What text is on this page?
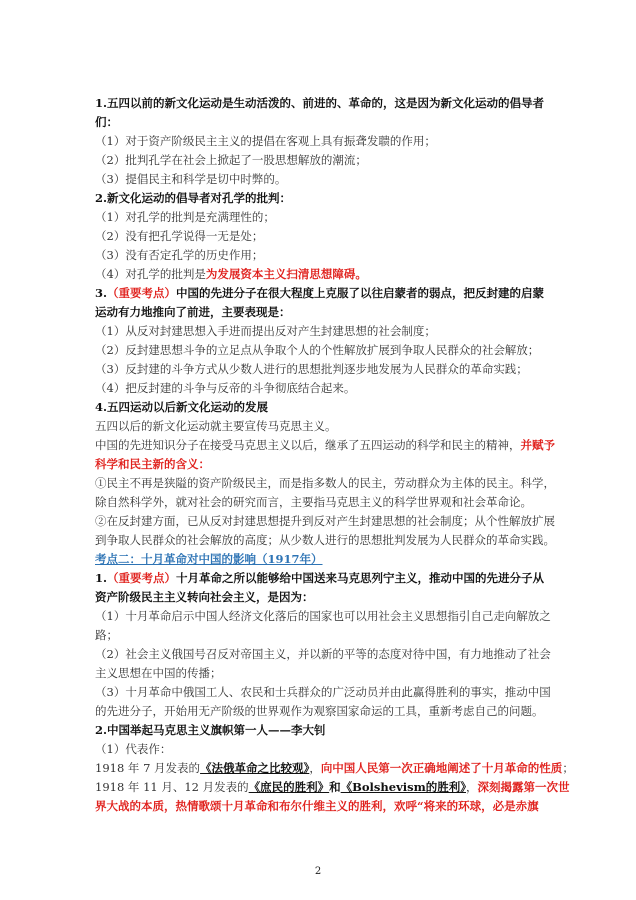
1.五四以前的新文化运动是生动活泼的、前进的、革命的，这是因为新文化运动的倡导者
们：
（1）对于资产阶级民主主义的提倡在客观上具有振聋发聩的作用；
（2）批判孔学在社会上掀起了一股思想解放的潮流；
（3）提倡民主和科学是切中时弊的。
2.新文化运动的倡导者对孔学的批判：
（1）对孔学的批判是充满理性的；
（2）没有把孔学说得一无是处；
（3）没有否定孔学的历史作用；
（4）对孔学的批判是为发展资本主义扫清思想障碍。
3.（重要考点）中国的先进分子在很大程度上克服了以往启蒙者的弱点，把反封建的启蒙
运动有力地推向了前进，主要表现是：
（1）从反对封建思想入手进而提出反对产生封建思想的社会制度；
（2）反封建思想斗争的立足点从争取个人的个性解放扩展到争取人民群众的社会解放；
（3）反封建的斗争方式从少数人进行的思想批判逐步地发展为人民群众的革命实践；
（4）把反封建的斗争与反帝的斗争彻底结合起来。
4.五四运动以后新文化运动的发展
五四以后的新文化运动就主要宣传马克思主义。
中国的先进知识分子在接受马克思主义以后，继承了五四运动的科学和民主的精神，并赋予
科学和民主新的含义：
①民主不再是狭隘的资产阶级民主，而是指多数人的民主，劳动群众为主体的民主。科学，
除自然科学外，就对社会的研究而言，主要指马克思主义的科学世界观和社会革命论。
②在反封建方面，已从反对封建思想提升到反对产生封建思想的社会制度；从个性解放扩展
到争取人民群众的社会解放的高度；从少数人进行的思想批判发展为人民群众的革命实践。
考点二：十月革命对中国的影响（1917年）
1.（重要考点）十月革命之所以能够给中国送来马克思列宁主义，推动中国的先进分子从
资产阶级民主主义转向社会主义，是因为：
（1）十月革命启示中国人经济文化落后的国家也可以用社会主义思想指引自己走向解放之
路；
（2）社会主义俄国号召反对帝国主义，并以新的平等的态度对待中国，有力地推动了社会
主义思想在中国的传播；
（3）十月革命中俄国工人、农民和士兵群众的广泛动员并由此赢得胜利的事实，推动中国
的先进分子，开始用无产阶级的世界观作为观察国家命运的工具，重新考虑自己的问题。
2.中国举起马克思主义旗帜第一人——李大钊
（1）代表作：
1918 年 7 月发表的《法俄革命之比较观》，向中国人民第一次正确地阐述了十月革命的性质；
1918 年 11 月、12 月发表的《庶民的胜利》和《Bolshevism的胜利》，深刻揭露第一次世
界大战的本质，热情歌颂十月革命和布尔什维主义的胜利，欢呼“将来的环球，必是赤旗
2
